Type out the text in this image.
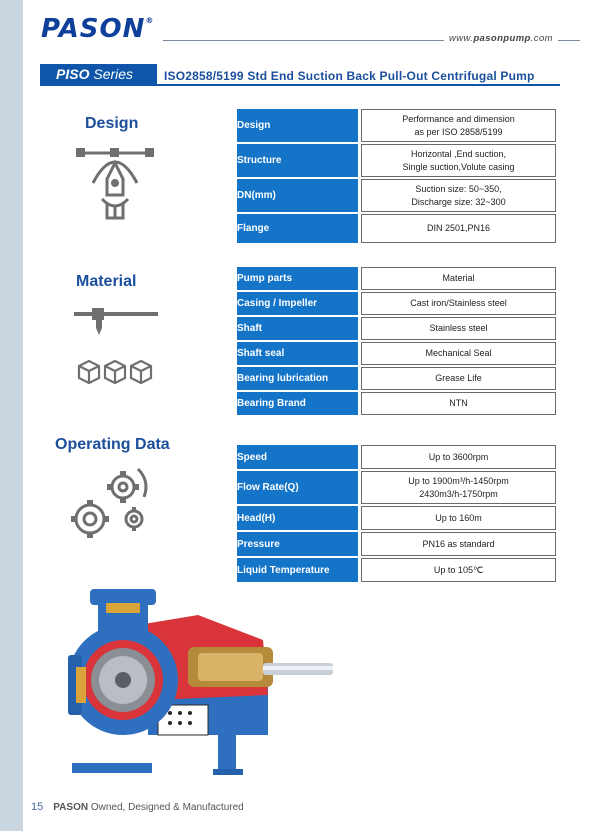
PASON®
www.pasonpump.com
PISO Series	ISO2858/5199 Std End Suction Back Pull-Out Centrifugal Pump
Design	Design		Performance and dimension
as per ISO 2858/5199
Structure		Horizontal ,End suction,
Single suction,Volute casing
DN(mm)		Suction size: 50~350,
Discharge size: 32~300
Flange		DIN 2501,PN16
Material	Pump parts		Material
Casing / Impeller		Cast iron/Stainless steel
Shaft		Stainless steel
Shaft seal		Mechanical Seal
Bearing lubrication		Grease Life
Bearing Brand		NTN
Operating Data
Speed		Up to 3600rpm
Flow Rate(Q)		Up to 1900m³/h-1450rpm
2430m3/h-1750rpm
Head(H)		Up to 160m
Pressure		PN16 as standard
Liquid Temperature		Up to 105℃
15 PASON Owned, Designed & Manufactured
